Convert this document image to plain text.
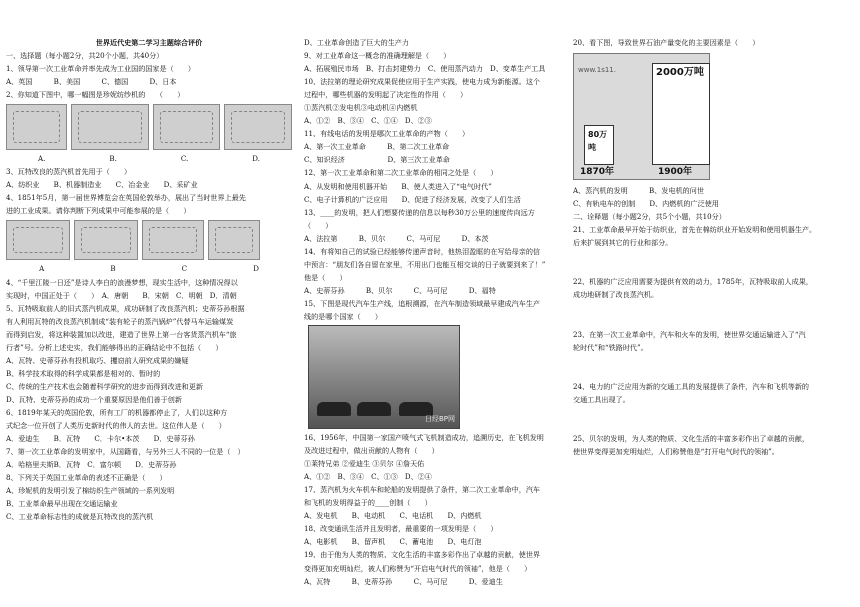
世界近代史第二学习主题综合评价
一、选择题（每小题2分，共20个小题，共40分）
1、领导第一次工业革命并率先成为工业国的国家是（　　）
A、英国　　　B、美国　　　C、德国　　　D、日本
2、你知道下图中，哪一幅图是珍妮纺纱机的　　（　　）
A.	B.	C.	D.
3、瓦特改良的蒸汽机首先用于（　　）
A、纺织业　　B、机器制造业　　C、冶金业　　D、采矿业
4、1851年5月，第一届世界博览会在英国伦敦举办，展出了当时世界上最先
进的工业成果。请你判断下列成果中可能参展的是（　　）
A	B	C	D
4、“千里江陵一日还”是诗人李白的浪漫梦想，现实生活中，这种情况得以
实现时，中国正处于（　　）　A．唐朝　　B．宋朝　C．明朝　D．清朝
5、瓦特吸取前人的旧式蒸汽机成果，成功研制了改良蒸汽机；史蒂芬孙根据
有人利用瓦特的改良蒸汽机制成“装有轮子的蒸汽锅炉”代替马车运输煤炭
而得到启发，将这种装置加以改进，建造了世界上第一台客货蒸汽机车“旅
行者”号。分析上述史实，我们能够得出的正确结论中不包括（　　）
A、瓦特、史蒂芬孙有投机取巧、攫窃前人研究成果的嫌疑
B、科学技术取得的科学成果都是相对的、暂时的
C、传统的生产技术也会随着科学研究的进步而得到改进和更新
D、瓦特、史蒂芬孙的成功一个重要原因是他们善于创新
6、1819年某天的英国伦敦，所有工厂的机器都停止了，人们以这种方
式纪念一位开创了人类历史新时代的伟人的去世。这位伟人是（　　）
A．爱迪生　　B．瓦特　　C．卡尔•本茨　　D．史蒂芬孙
7、第一次工业革命的发明家中，从国籍看，与另外三人不同的一位是（　）
A．哈格里夫斯B．瓦特　C．富尔顿　　D．史蒂芬孙
8、下列关于英国工业革命的表述不正确是（　　）
A、珍妮机的发明引发了棉纺织生产领域的一系列发明
B、工业革命最早出现在交通运输业
C、工业革命标志性的成就是瓦特改良的蒸汽机
D、工业革命创造了巨大的生产力
9、对工业革命这一概念的准确理解是（　　）
A、拓展殖民市场　B、打击封建势力　C、使用蒸汽动力　D、变革生产工具
10、法拉第的理论研究成果促使应用于生产实践，使电力成为新能源。这个
过程中，哪些机器的发明起了决定性的作用（　　）
①蒸汽机②发电机③电动机④内燃机
A、①②　B、③④　C、①④　D、②③
11、有线电话的发明是哪次工业革命的产物（　　）
A、第一次工业革命　　　B、第二次工业革命
C、知识经济　　　　　　D、第三次工业革命
12、第一次工业革命和第二次工业革命的相同之处是（　　）
A、从发明和使用机器开始　　B、使人类进入了“电气时代”
C、电子计算机的广泛应用　　D、促进了经济发展，改变了人们生活
13、____的发明，把人们想要传递的信息以每秒30万公里的速度传向远方
（　　）
A、法拉第　　　B、贝尔　　　C、马可尼　　　D、本茨
14、有将知自己的试验已经能够传递声音时，他热泪盈眶的在写给母亲的信
中预言：“朋友们各自留在家里，不用出门也能互相交谈的日子就要到来了！”
他是（　　）
A、史蒂芬孙　　　B、贝尔　　　C、马可尼　　　D、福特
15、下图是现代汽车生产线，追根溯源，在汽车制造领域最早建成汽车生产
线的是哪个国家（　　）
日经BP网
16、1956年，中国第一家国产喷气式飞机制造成功，追溯历史，在飞机发明
及改进过程中，做出贡献的人物有（　　）
①莱特兄弟 ②爱迪生 ③贝尔 ④詹天佑
A、①②　B、③④　C、①③　D、②④
17、蒸汽机为火车机车和轮船的发明提供了条件，第二次工业革命中，汽车
和飞机的发明得益于的____创制（　　）
A、发电机　　B、电动机　　C、电话机　　D、内燃机
18、改变通讯生活并且发明者，最重要的一项发明是（　　）
A、电影机　　B、留声机　　C、蓄电池　　D、电灯泡
19、由于他为人类的物质、文化生活的丰富多彩作出了卓越的贡献，使世界
变得更加充明灿烂，被人们称赞为“开启电气时代的领袖”，他是（　　）
A、瓦特　　　B、史蒂芬孙　　　C、马可尼　　　D、爱迪生
20、看下图，导致世界石油产量变化的主要因素是（　　）
www.1s11.
80万吨
1870年
2000万吨
1900年
A、蒸汽机的发明　　　B、发电机的问世
C、有轨电车的创制　　D、内燃机的广泛使用
二、诠释题（每小题2分，共5个小题，共10分）
21、工业革命最早开始于纺织业，首先在棉纺织业开始发明和使用机器生产。
后来扩展到其它的行业和部分。
22、机器的广泛应用需要为提供有效的动力，1785年，瓦特吸取前人成果，
成功地研制了改良蒸汽机。
23、在第一次工业革命中，汽车和火车的发明，使世界交通运输进入了“汽
轮时代”和“铁路时代”。
24、电力的广泛应用为新的交通工具的发展提供了条件，汽车和飞机等新的
交通工具出现了。
25、贝尔的发明，为人类的物质、文化生活的丰富多彩作出了卓越的贡献，
使世界变得更加充明灿烂，人们称赞他是“打开电气时代的领袖”。
